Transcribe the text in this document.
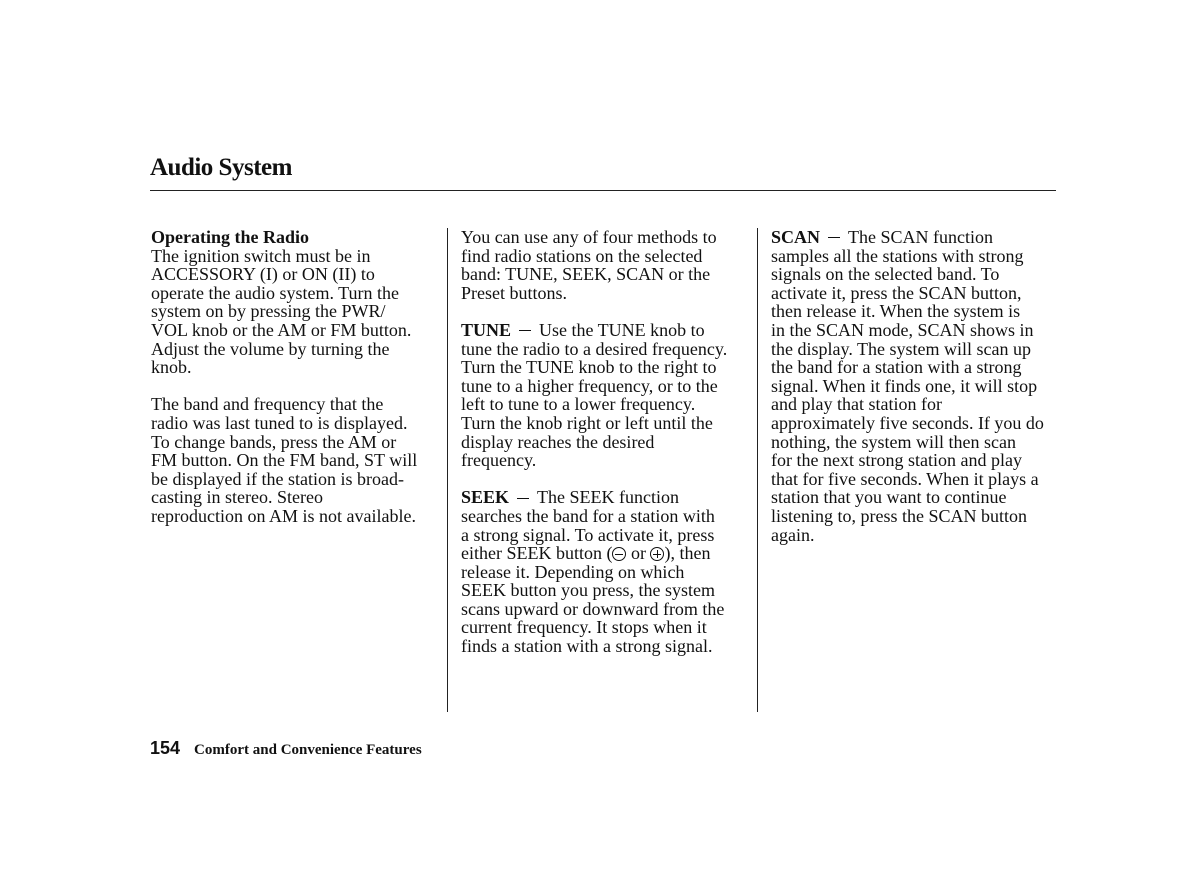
Audio System

Operating the Radio
The ignition switch must be in
ACCESSORY (I) or ON (II) to
operate the audio system. Turn the
system on by pressing the PWR/
VOL knob or the AM or FM button.
Adjust the volume by turning the
knob.

The band and frequency that the
radio was last tuned to is displayed.
To change bands, press the AM or
FM button. On the FM band, ST will
be displayed if the station is broad-
casting in stereo. Stereo
reproduction on AM is not available.

You can use any of four methods to
find radio stations on the selected
band: TUNE, SEEK, SCAN or the
Preset buttons.

TUNE Use the TUNE knob to
tune the radio to a desired frequency.
Turn the TUNE knob to the right to
tune to a higher frequency, or to the
left to tune to a lower frequency.
Turn the knob right or left until the
display reaches the desired
frequency.

SEEK The SEEK function
searches the band for a station with
a strong signal. To activate it, press
either SEEK button ( or ), then
release it. Depending on which
SEEK button you press, the system
scans upward or downward from the
current frequency. It stops when it
finds a station with a strong signal.

SCAN The SCAN function
samples all the stations with strong
signals on the selected band. To
activate it, press the SCAN button,
then release it. When the system is
in the SCAN mode, SCAN shows in
the display. The system will scan up
the band for a station with a strong
signal. When it finds one, it will stop
and play that station for
approximately five seconds. If you do
nothing, the system will then scan
for the next strong station and play
that for five seconds. When it plays a
station that you want to continue
listening to, press the SCAN button
again.

154 Comfort and Convenience Features
